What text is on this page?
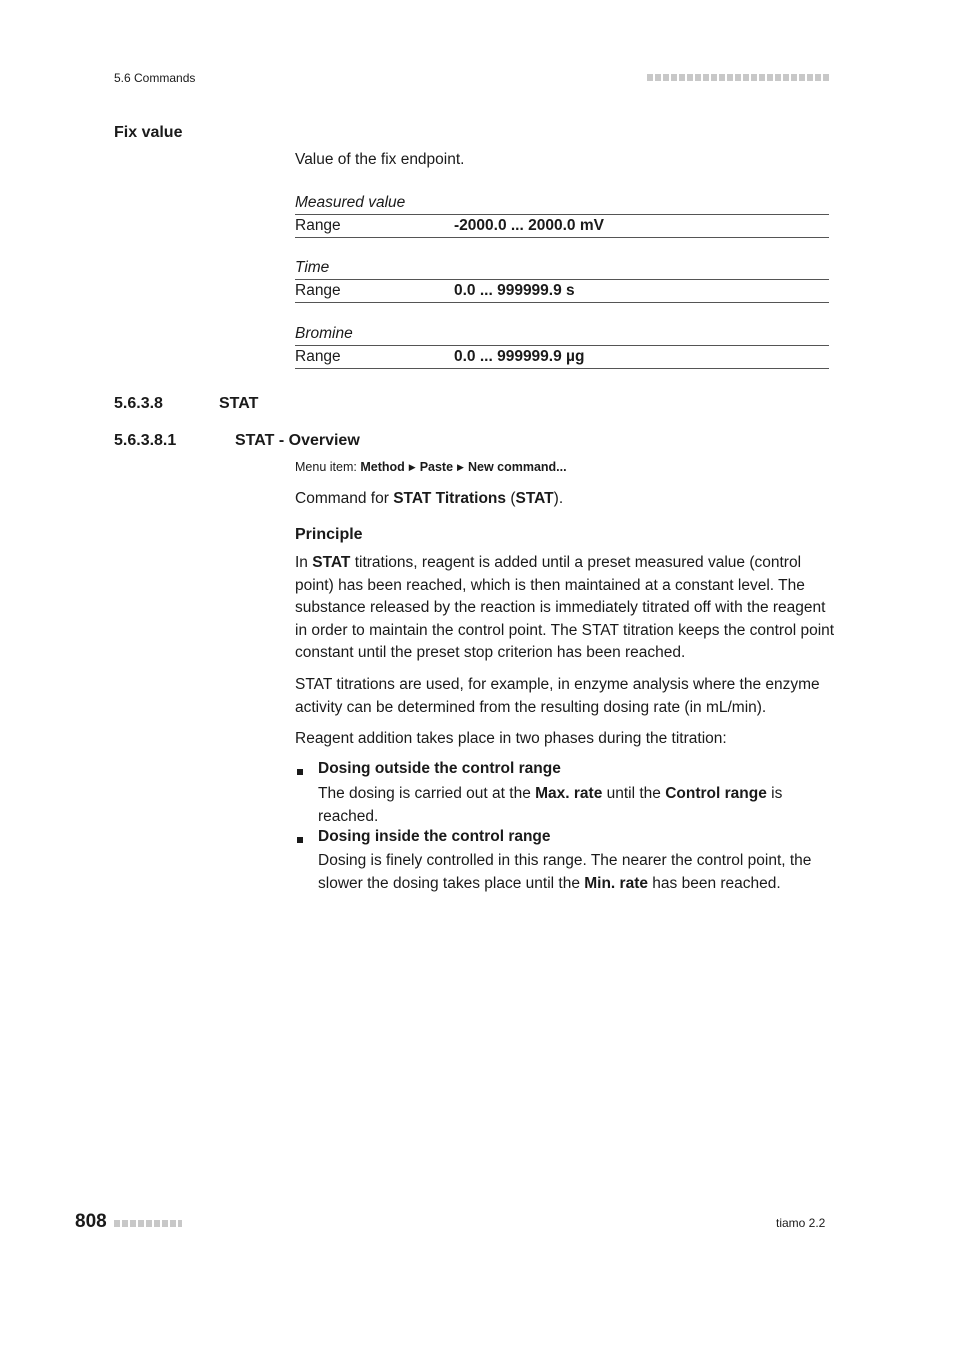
5.6 Commands
Fix value
Value of the fix endpoint.
Measured value
Range	-2000.0 ... 2000.0 mV
Time
Range	0.0 ... 999999.9 s
Bromine
Range	0.0 ... 999999.9 µg
5.6.3.8	STAT
5.6.3.8.1	STAT - Overview
Menu item: Method ▶ Paste ▶ New command...
Command for STAT Titrations (STAT).
Principle
In STAT titrations, reagent is added until a preset measured value (control point) has been reached, which is then maintained at a constant level. The substance released by the reaction is immediately titrated off with the reagent in order to maintain the control point. The STAT titration keeps the control point constant until the preset stop criterion has been reached.
STAT titrations are used, for example, in enzyme analysis where the enzyme activity can be determined from the resulting dosing rate (in mL/min).
Reagent addition takes place in two phases during the titration:
Dosing outside the control range
The dosing is carried out at the Max. rate until the Control range is reached.
Dosing inside the control range
Dosing is finely controlled in this range. The nearer the control point, the slower the dosing takes place until the Min. rate has been reached.
808	tiamo 2.2
